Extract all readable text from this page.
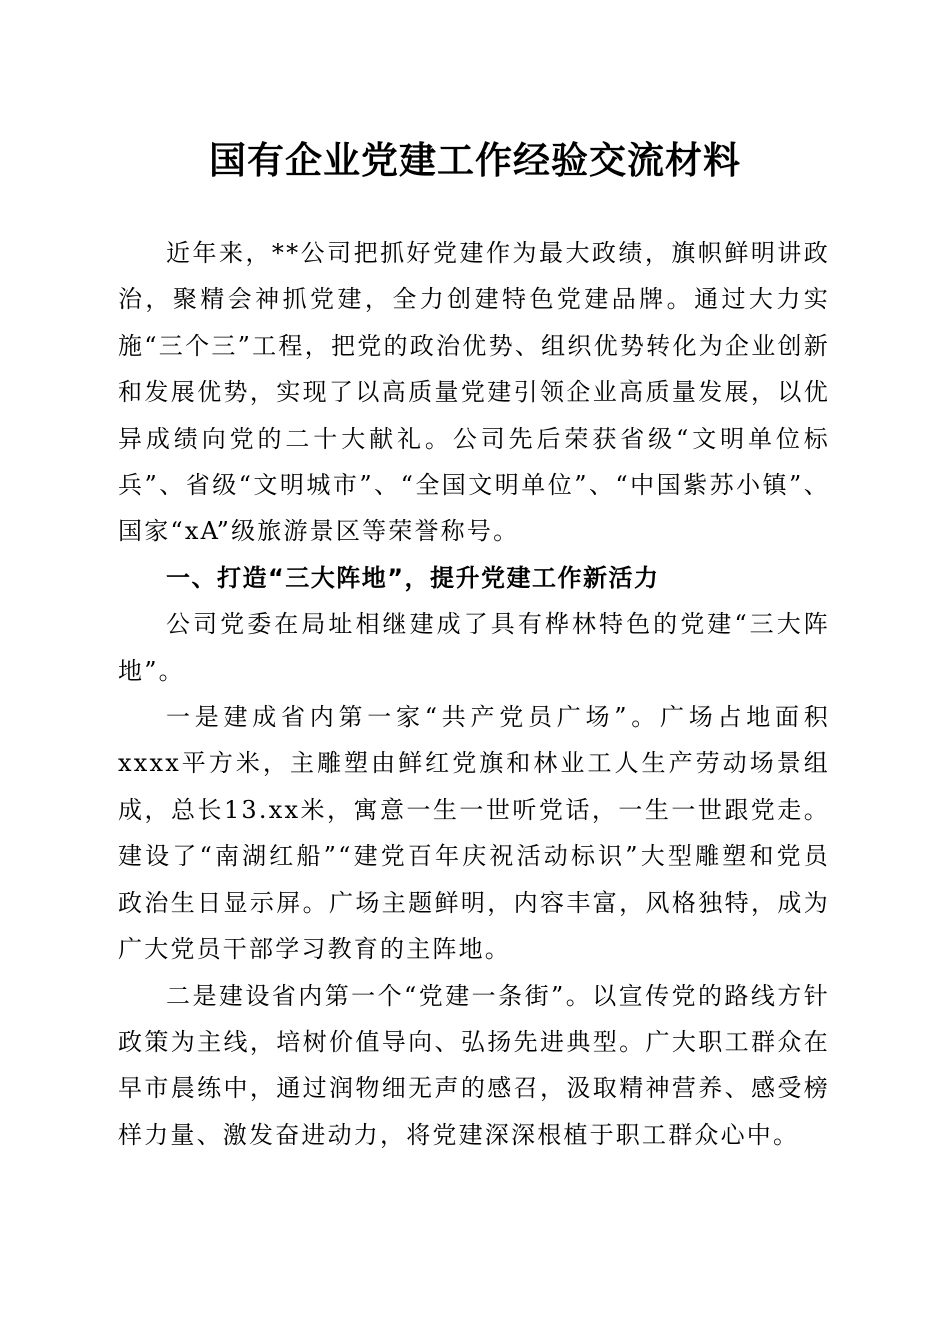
国有企业党建工作经验交流材料

近年来，**公司把抓好党建作为最大政绩，旗帜鲜明讲政治，聚精会神抓党建，全力创建特色党建品牌。通过大力实施“三个三”工程，把党的政治优势、组织优势转化为企业创新和发展优势，实现了以高质量党建引领企业高质量发展，以优异成绩向党的二十大献礼。公司先后荣获省级“文明单位标兵”、省级“文明城市”、“全国文明单位”、“中国紫苏小镇”、国家“xA”级旅游景区等荣誉称号。

一、打造“三大阵地”，提升党建工作新活力

公司党委在局址相继建成了具有桦林特色的党建“三大阵地”。

一是建成省内第一家“共产党员广场”。广场占地面积xxxx平方米，主雕塑由鲜红党旗和林业工人生产劳动场景组成，总长13.xx米，寓意一生一世听党话，一生一世跟党走。建设了“南湖红船”“建党百年庆祝活动标识”大型雕塑和党员政治生日显示屏。广场主题鲜明，内容丰富，风格独特，成为广大党员干部学习教育的主阵地。

二是建设省内第一个“党建一条街”。以宣传党的路线方针政策为主线，培树价值导向、弘扬先进典型。广大职工群众在早市晨练中，通过润物细无声的感召，汲取精神营养、感受榜样力量、激发奋进动力，将党建深深根植于职工群众心中。
